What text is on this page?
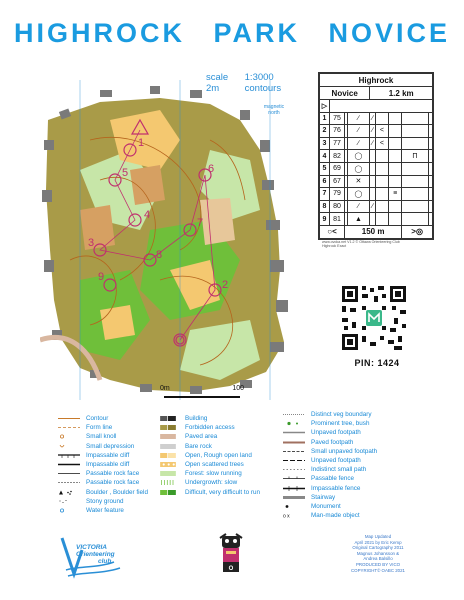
HIGHROCK PARK NOVICE
scale 1:3000
2m	contours
1
5
4
3
6
7
8
9
2
magnetic north
Highrock								
Novice				1.2 km				
▷								
1	75		∕	∕				
2	76		∕	∕	<			
3	77		∕	∕	<			
4	82		◯				Π	
5	69		◯					
6	67		✕					
7	79		◯			≡		
8	80		∕	∕				
9	81		▲					
○<		150 m					>◎	
www.ovoka.net V1.2 © Ottawa Orienteering Club
Highrock Exact
PIN: 1424
0m	100
Contour
Form line
Small knoll
Small depression
Impassable cliff
Impassable cliff
Passable rock face
Passable rock face
Boulder , Boulder field
Stony ground
Water feature
Building
Forbidden access
Paved area
Bare rock
Open, Rough open land
Open scattered trees
Forest: slow running
Undergrowth: slow
Difficult, very difficult to run
Distinct veg boundary
Prominent tree, bush
Unpaved footpath
Paved footpath
Small unpaved footpath
Unpaved footpath
Indistinct small path
Passable fence
Impassable fence
Stairway
Monument
o x	Man-made object
VICTORIA
Orienteering
club
O
Map Updated
April 2021 by Eric Kemp
Original Cartography 2011
Magnus Johansson &
Andrea Balsillo
PRODUCED BY VICO
COPYRIGHT© OABC 2021
